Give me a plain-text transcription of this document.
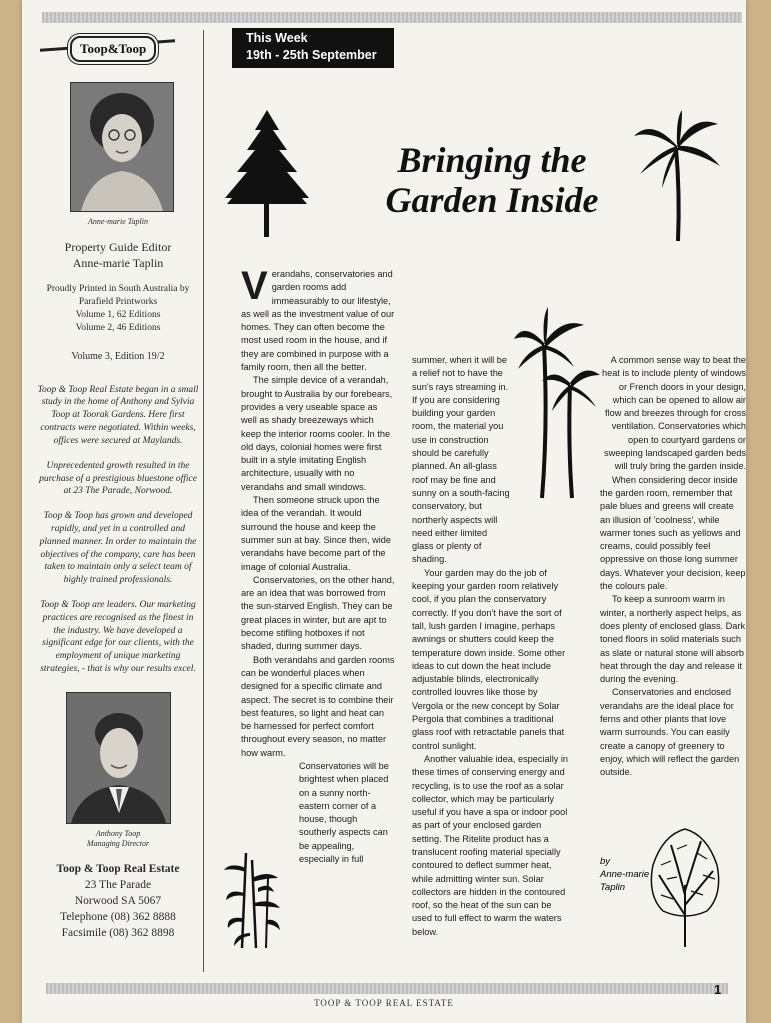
Toop&Toop
Anne-marie Taplin
Property Guide Editor
Anne-marie Taplin
Proudly Printed in South Australia by
Parafield Printworks
Volume 1, 62 Editions
Volume 2, 46 Editions
Volume 3, Edition 19/2
Toop & Toop Real Estate began in a small study in the home of Anthony and Sylvia Toop at Toorak Gardens. Here first contracts were negotiated. Within weeks, offices were secured at Maylands.
Unprecedented growth resulted in the purchase of a prestigious bluestone office at 23 The Parade, Norwood.
Toop & Toop has grown and developed rapidly, and yet in a controlled and planned manner. In order to maintain the objectives of the company, care has been taken to maintain only a select team of highly trained professionals.
Toop & Toop are leaders. Our marketing practices are recognised as the finest in the industry. We have developed a significant edge for our clients, with the employment of unique marketing strategies, - that is why our results excel.
Anthony Toop
Managing Director
Toop & Toop Real Estate
23 The Parade
Norwood SA 5067
Telephone (08) 362 8888
Facsimile (08) 362 8898
This Week
19th - 25th September
Bringing the
Garden Inside

Verandahs, conservatories and garden rooms add immeasurably to our lifestyle, as well as the investment value of our homes. They can often become the most used room in the house, and if they are combined in purpose with a family room, then all the better.

The simple device of a verandah, brought to Australia by our forebears, provides a very useable space as well as shady breezeways which keep the interior rooms cooler. In the old days, colonial homes were first built in a style imitating English architecture, usually with no verandahs and small windows.

Then someone struck upon the idea of the verandah. It would surround the house and keep the summer sun at bay. Since then, wide verandahs have become part of the image of colonial Australia.

Conservatories, on the other hand, are an idea that was borrowed from the sun-starved English. They can be great places in winter, but are apt to become stifling hotboxes if not shaded, during summer days.

Both verandahs and garden rooms can be wonderful places when designed for a specific climate and aspect. The secret is to combine their best features, so light and heat can be harnessed for perfect comfort throughout every season, no matter how warm.

Conservatories will be brightest when placed on a sunny north-eastern corner of a house, though southerly aspects can be appealing, especially in full

summer, when it will be a relief not to have the sun's rays streaming in. If you are considering building your garden room, the material you use in construction should be carefully planned. An all-glass roof may be fine and sunny on a south-facing conservatory, but northerly aspects will need either limited glass or plenty of shading.

Your garden may do the job of keeping your garden room relatively cool, if you plan the conservatory correctly. If you don't have the sort of tall, lush garden I imagine, perhaps awnings or shutters could keep the temperature down inside. Some other ideas to cut down the heat include adjustable blinds, electronically controlled louvres like those by Vergola or the new concept by Solar Pergola that combines a traditional glass roof with retractable panels that control sunlight.

Another valuable idea, especially in these times of conserving energy and recycling, is to use the roof as a solar collector, which may be particularly useful if you have a spa or indoor pool as part of your enclosed garden setting. The Ritelite product has a translucent roofing material specially contoured to deflect summer heat, while admitting winter sun. Solar collectors are hidden in the contoured roof, so the heat of the sun can be used to full effect to warm the waters below.

A common sense way to beat the heat is to include plenty of windows or French doors in your design, which can be opened to allow air flow and breezes through for cross ventilation. Conservatories which open to courtyard gardens or sweeping landscaped garden beds will truly bring the garden inside.

When considering decor inside the garden room, remember that pale blues and greens will create an illusion of 'coolness', while warmer tones such as yellows and creams, could possibly feel oppressive on those long summer days. Whatever your decision, keep the colours pale.

To keep a sunroom warm in winter, a northerly aspect helps, as does plenty of enclosed glass. Dark toned floors in solid materials such as slate or natural stone will absorb heat through the day and release it during the evening.

Conservatories and enclosed verandahs are the ideal place for ferns and other plants that love warm surrounds. You can easily create a canopy of greenery to enjoy, which will reflect the garden outside.

by
Anne-marie
Taplin
1
TOOP & TOOP REAL ESTATE
